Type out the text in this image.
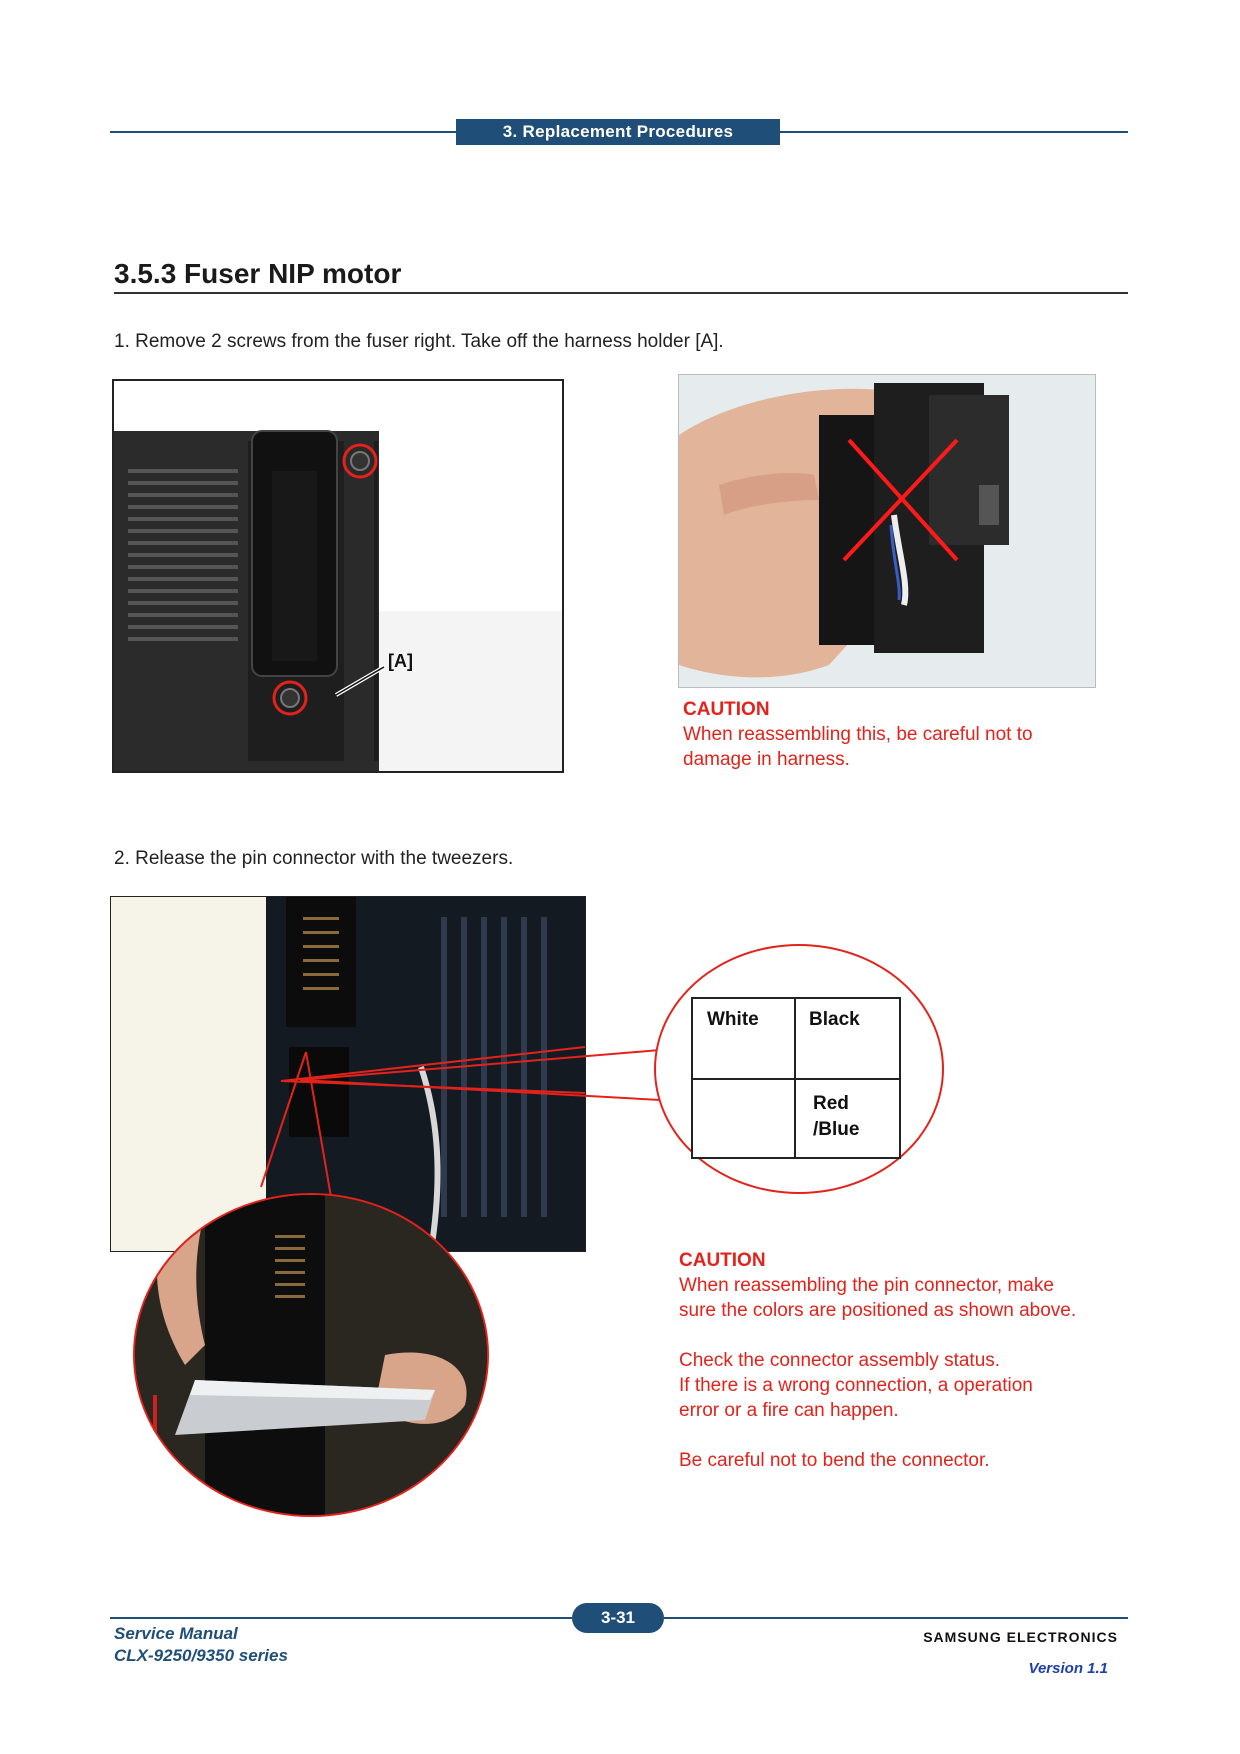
3. Replacement Procedures
3.5.3 Fuser NIP motor
1. Remove 2 screws from the fuser right. Take off the harness holder [A].
[A]
CAUTION
When reassembling this, be careful not to
damage in harness.
2. Release the pin connector with the tweezers.
White	Black
Red
/Blue
CAUTION
When reassembling the pin connector, make
sure the colors are positioned as shown above.
Check the connector assembly status.
If there is a wrong connection, a operation
error or a fire can happen.
Be careful not to bend the connector.
3-31
Service Manual
CLX-9250/9350 series
SAMSUNG ELECTRONICS
Version 1.1
